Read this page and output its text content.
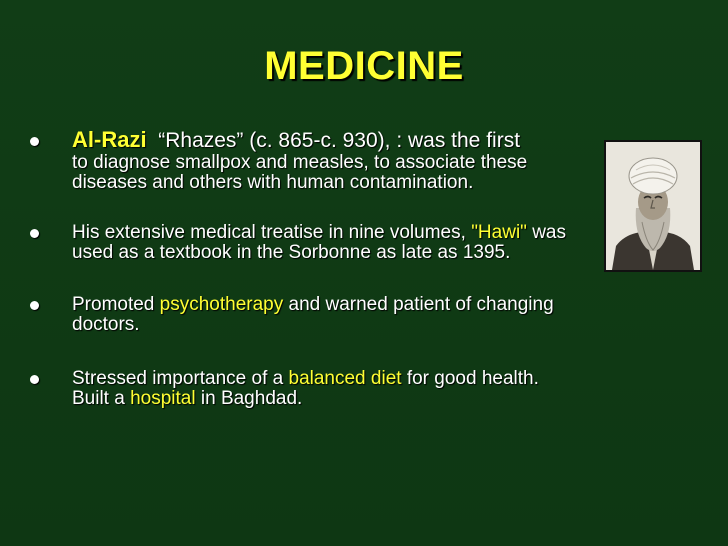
MEDICINE
Al-Razi “Rhazes” (c. 865-c. 930), : was the first
to diagnose smallpox and measles, to associate these diseases and others with human contamination.
His extensive medical treatise in nine volumes, "Hawi" was used as a textbook in the Sorbonne as late as 1395.
Promoted psychotherapy and warned patient of changing doctors.
Stressed importance of a balanced diet for good health.   Built a hospital in Baghdad.
